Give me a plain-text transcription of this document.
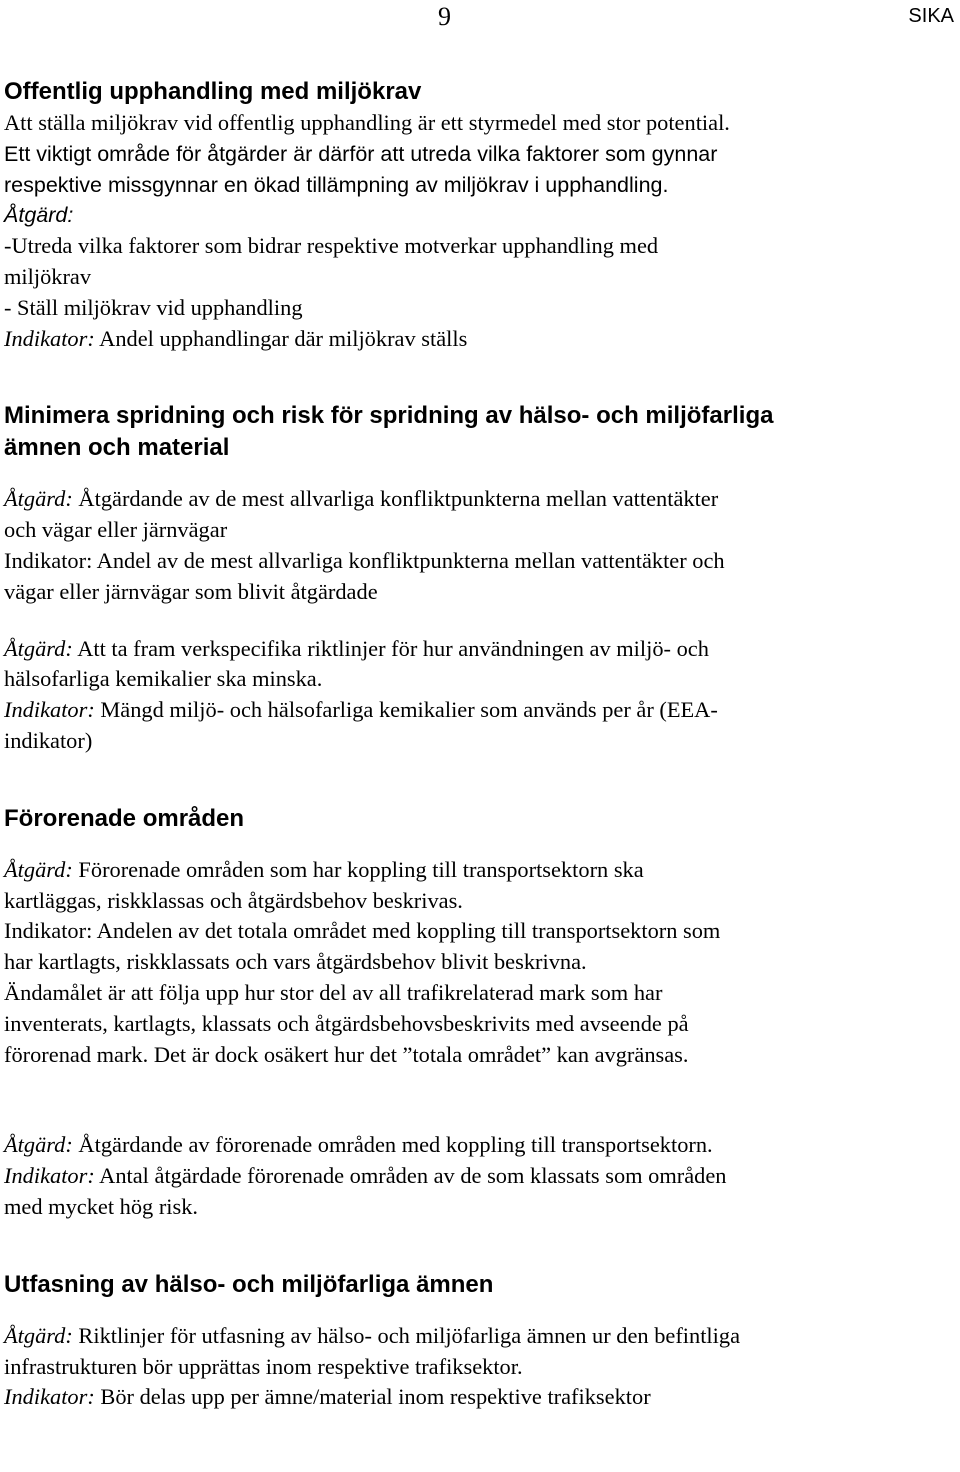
9	SIKA
Offentlig upphandling med miljökrav

Att ställa miljökrav vid offentlig upphandling är ett styrmedel med stor potential.

Ett viktigt område för åtgärder är därför att utreda vilka faktorer som gynnar

respektive missgynnar en ökad tillämpning av miljökrav i upphandling.

Åtgärd:

-Utreda vilka faktorer som bidrar respektive motverkar upphandling med

miljökrav

- Ställ miljökrav vid upphandling

Indikator: Andel upphandlingar där miljökrav ställs

Minimera spridning och risk för spridning av hälso- och miljöfarliga
ämnen och material

Åtgärd: Åtgärdande av de mest allvarliga konfliktpunkterna mellan vattentäkter

och vägar eller järnvägar

Indikator: Andel av de mest allvarliga konfliktpunkterna mellan vattentäkter och

vägar eller järnvägar som blivit åtgärdade

Åtgärd: Att ta fram verkspecifika riktlinjer för hur användningen av miljö- och

hälsofarliga kemikalier ska minska.

Indikator: Mängd miljö- och hälsofarliga kemikalier som används per år (EEA-

indikator)

Förorenade områden

Åtgärd: Förorenade områden som har koppling till transportsektorn ska

kartläggas, riskklassas och åtgärdsbehov beskrivas.

Indikator: Andelen av det totala området med koppling till transportsektorn som

har kartlagts, riskklassats och vars åtgärdsbehov blivit beskrivna.

Ändamålet är att följa upp hur stor del av all trafikrelaterad mark som har

inventerats, kartlagts, klassats och åtgärdsbehovsbeskrivits med avseende på

förorenad mark. Det är dock osäkert hur det ”totala området” kan avgränsas.

Åtgärd: Åtgärdande av förorenade områden med koppling till transportsektorn.

Indikator: Antal åtgärdade förorenade områden av de som klassats som områden

med mycket hög risk.

Utfasning av hälso- och miljöfarliga ämnen

Åtgärd: Riktlinjer för utfasning av hälso- och miljöfarliga ämnen ur den befintliga

infrastrukturen bör upprättas inom respektive trafiksektor.

Indikator: Bör delas upp per ämne/material inom respektive trafiksektor
